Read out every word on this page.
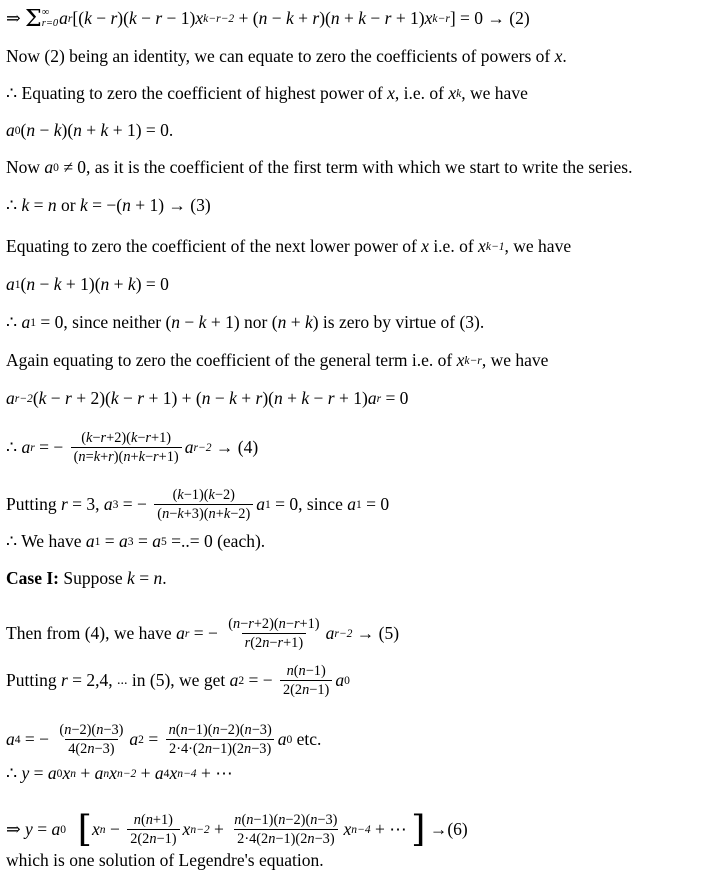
⇒ Σ ∞
r=0 a r [( k − r )( k − r − 1) x k−r−2 + ( n − k + r )( n + k − r + 1) x k−r ] = 0 → (2)
Now (2) being an identity, we can equate to zero the coefficients of powers of x .
∴ Equating to zero the coefficient of highest power of x , i.e. of x k , we have
a 0 ( n − k )( n + k + 1) = 0.
Now a 0 ≠ 0, as it is the coefficient of the first term with which we start to write the series.
∴ k = n or k = −( n + 1) → (3)
Equating to zero the coefficient of the next lower power of x i.e. of x k−1 , we have
a 1 ( n − k + 1)( n + k ) = 0
∴ a 1 = 0, since neither ( n − k + 1) nor ( n + k ) is zero by virtue of (3).
Again equating to zero the coefficient of the general term i.e. of x k−r , we have
a r−2 ( k − r + 2)( k − r + 1) + ( n − k + r )( n + k − r + 1) a r = 0
∴ a r = − $\frac{(k-r+2)(k-r+1)}{(n=k+r)(n+k-r+1)}$ a r−2 → (4)
Putting r = 3, a 3 = − $\frac{(k-1)(k-2)}{(n-k+3)(n+k-2)}$ a 1 = 0, since a 1 = 0
∴ We have a 1 = a 3 = a 5 =..= 0 (each).
Case I: Suppose k = n .
Then from (4), we have a r = − $\frac{(n-r+2)(n-r+1)}{r(2n-r+1)}$ a r−2 → (5)
Putting r = 2,4, ... in (5), we get a 2 = − $\frac{n(n-1)}{2(2n-1)}$ a 0
a 4 = − $\frac{(n-2)(n-3)}{4(2n-3)}$ a $2 = \frac{n(n-1)(n-2)(n-3)}{2\cdot 4\cdot(2n-1)(2n-3)}$ a 0 etc.
∴ y = a 0 x n + a n x n−2 + a 4 x n−4 + ⋯
⇒ y = a 0 [ x $n - \frac{n(n+1)}{2(2n-1)}$ x $n-2 + \frac{n(n-1)(n-2)(n-3)}{2\cdot 4(2n-1)(2n-3)}$ x n−4 + ⋯ ] →(6)
which is one solution of Legendre's equation.
